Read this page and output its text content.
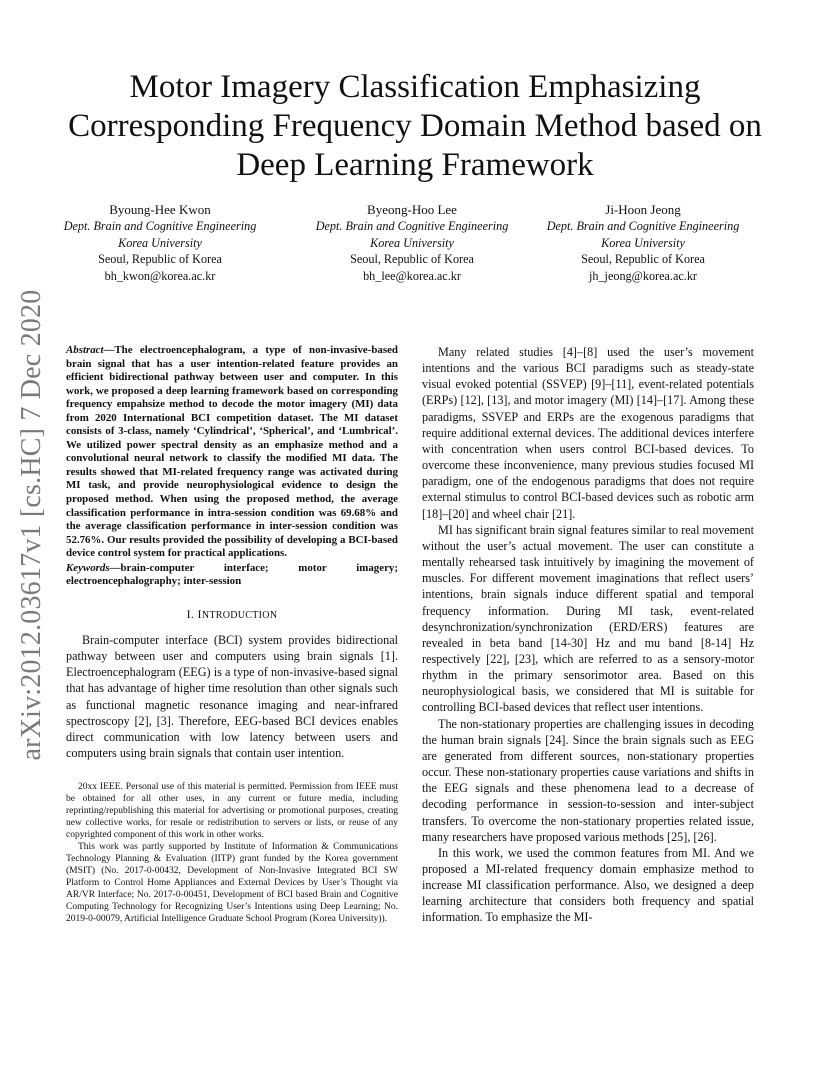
arXiv:2012.03617v1 [cs.HC] 7 Dec 2020
Motor Imagery Classification Emphasizing Corresponding Frequency Domain Method based on Deep Learning Framework
Byoung-Hee Kwon
Dept. Brain and Cognitive Engineering
Korea University
Seoul, Republic of Korea
bh_kwon@korea.ac.kr
Byeong-Hoo Lee
Dept. Brain and Cognitive Engineering
Korea University
Seoul, Republic of Korea
bh_lee@korea.ac.kr
Ji-Hoon Jeong
Dept. Brain and Cognitive Engineering
Korea University
Seoul, Republic of Korea
jh_jeong@korea.ac.kr

Abstract—The electroencephalogram, a type of non-invasive-based brain signal that has a user intention-related feature provides an efficient bidirectional pathway between user and computer. In this work, we proposed a deep learning framework based on corresponding frequency empahsize method to decode the motor imagery (MI) data from 2020 International BCI competition dataset. The MI dataset consists of 3-class, namely ‘Cylindrical’, ‘Spherical’, and ‘Lumbrical’. We utilized power spectral density as an emphasize method and a convolutional neural network to classify the modified MI data. The results showed that MI-related frequency range was activated during MI task, and provide neurophysiological evidence to design the proposed method. When using the proposed method, the average classification performance in intra-session condition was 69.68% and the average classification performance in inter-session condition was 52.76%. Our results provided the possibility of developing a BCI-based device control system for practical applications.

Keywords—brain-computer interface; motor imagery; electroencephalography; inter-session

I. INTRODUCTION

Brain-computer interface (BCI) system provides bidirectional pathway between user and computers using brain signals [1]. Electroencephalogram (EEG) is a type of non-invasive-based signal that has advantage of higher time resolution than other signals such as functional magnetic resonance imaging and near-infrared spectroscopy [2], [3]. Therefore, EEG-based BCI devices enables direct communication with low latency between users and computers using brain signals that contain user intention.

20xx IEEE. Personal use of this material is permitted. Permission from IEEE must be obtained for all other uses, in any current or future media, including reprinting/republishing this material for advertising or promotional purposes, creating new collective works, for resale or redistribution to servers or lists, or reuse of any copyrighted component of this work in other works.

This work was partly supported by Institute of Information & Communications Technology Planning & Evaluation (IITP) grant funded by the Korea government (MSIT) (No. 2017-0-00432, Development of Non-Invasive Integrated BCI SW Platform to Control Home Appliances and External Devices by User’s Thought via AR/VR Interface; No. 2017-0-00451, Development of BCI based Brain and Cognitive Computing Technology for Recognizing User’s Intentions using Deep Learning; No. 2019-0-00079, Artificial Intelligence Graduate School Program (Korea University)).

Many related studies [4]–[8] used the user’s movement intentions and the various BCI paradigms such as steady-state visual evoked potential (SSVEP) [9]–[11], event-related potentials (ERPs) [12], [13], and motor imagery (MI) [14]–[17]. Among these paradigms, SSVEP and ERPs are the exogenous paradigms that require additional external devices. The additional devices interfere with concentration when users control BCI-based devices. To overcome these inconvenience, many previous studies focused MI paradigm, one of the endogenous paradigms that does not require external stimulus to control BCI-based devices such as robotic arm [18]–[20] and wheel chair [21].

MI has significant brain signal features similar to real movement without the user’s actual movement. The user can constitute a mentally rehearsed task intuitively by imagining the movement of muscles. For different movement imaginations that reflect users’ intentions, brain signals induce different spatial and temporal frequency information. During MI task, event-related desynchronization/synchronization (ERD/ERS) features are revealed in beta band [14-30] Hz and mu band [8-14] Hz respectively [22], [23], which are referred to as a sensory-motor rhythm in the primary sensorimotor area. Based on this neurophysiological basis, we considered that MI is suitable for controlling BCI-based devices that reflect user intentions.

The non-stationary properties are challenging issues in decoding the human brain signals [24]. Since the brain signals such as EEG are generated from different sources, non-stationary properties occur. These non-stationary properties cause variations and shifts in the EEG signals and these phenomena lead to a decrease of decoding performance in session-to-session and inter-subject transfers. To overcome the non-stationary properties related issue, many researchers have proposed various methods [25], [26].

In this work, we used the common features from MI. And we proposed a MI-related frequency domain emphasize method to increase MI classification performance. Also, we designed a deep learning architecture that considers both frequency and spatial information. To emphasize the MI-
